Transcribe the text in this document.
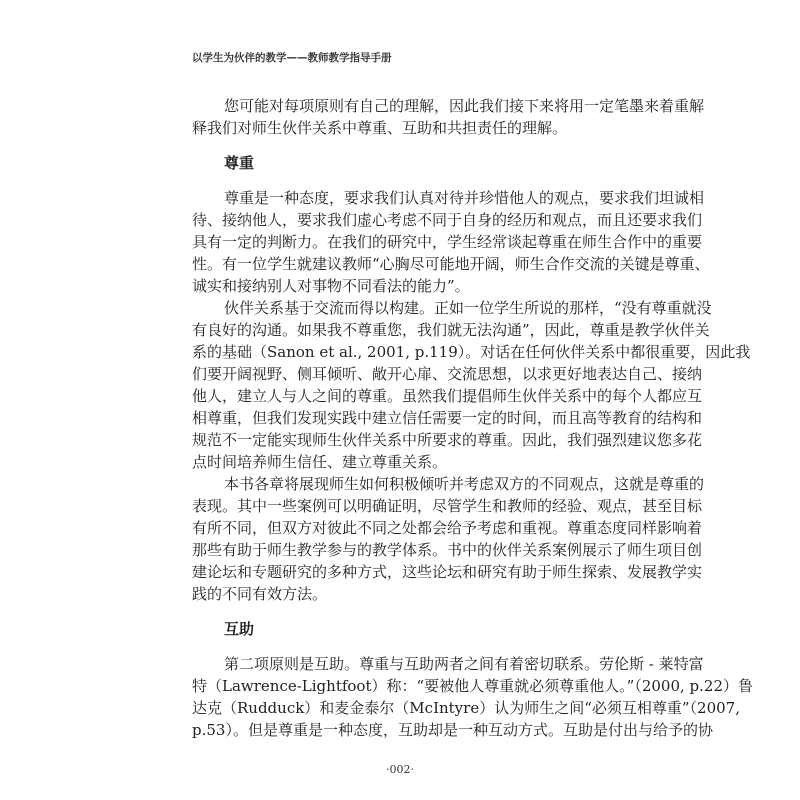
以学生为伙伴的教学——教师教学指导手册
您可能对每项原则有自己的理解，因此我们接下来将用一定笔墨来着重解
释我们对师生伙伴关系中尊重、互助和共担责任的理解。
尊重
尊重是一种态度，要求我们认真对待并珍惜他人的观点，要求我们坦诚相
待、接纳他人，要求我们虚心考虑不同于自身的经历和观点，而且还要求我们
具有一定的判断力。在我们的研究中，学生经常谈起尊重在师生合作中的重要
性。有一位学生就建议教师“心胸尽可能地开阔，师生合作交流的关键是尊重、
诚实和接纳别人对事物不同看法的能力”。
伙伴关系基于交流而得以构建。正如一位学生所说的那样，“没有尊重就没
有良好的沟通。如果我不尊重您，我们就无法沟通”，因此，尊重是教学伙伴关
系的基础（Sanon et al., 2001, p.119）。对话在任何伙伴关系中都很重要，因此我
们要开阔视野、侧耳倾听、敞开心扉、交流思想，以求更好地表达自己、接纳
他人，建立人与人之间的尊重。虽然我们提倡师生伙伴关系中的每个人都应互
相尊重，但我们发现实践中建立信任需要一定的时间，而且高等教育的结构和
规范不一定能实现师生伙伴关系中所要求的尊重。因此，我们强烈建议您多花
点时间培养师生信任、建立尊重关系。
本书各章将展现师生如何积极倾听并考虑双方的不同观点，这就是尊重的
表现。其中一些案例可以明确证明，尽管学生和教师的经验、观点，甚至目标
有所不同，但双方对彼此不同之处都会给予考虑和重视。尊重态度同样影响着
那些有助于师生教学参与的教学体系。书中的伙伴关系案例展示了师生项目创
建论坛和专题研究的多种方式，这些论坛和研究有助于师生探索、发展教学实
践的不同有效方法。
互助
第二项原则是互助。尊重与互助两者之间有着密切联系。劳伦斯 - 莱特富
特（Lawrence-Lightfoot）称：“要被他人尊重就必须尊重他人。”（2000, p.22）鲁
达克（Rudduck）和麦金泰尔（McIntyre）认为师生之间“必须互相尊重”（2007,
p.53）。但是尊重是一种态度，互助却是一种互动方式。互助是付出与给予的协
·002·
